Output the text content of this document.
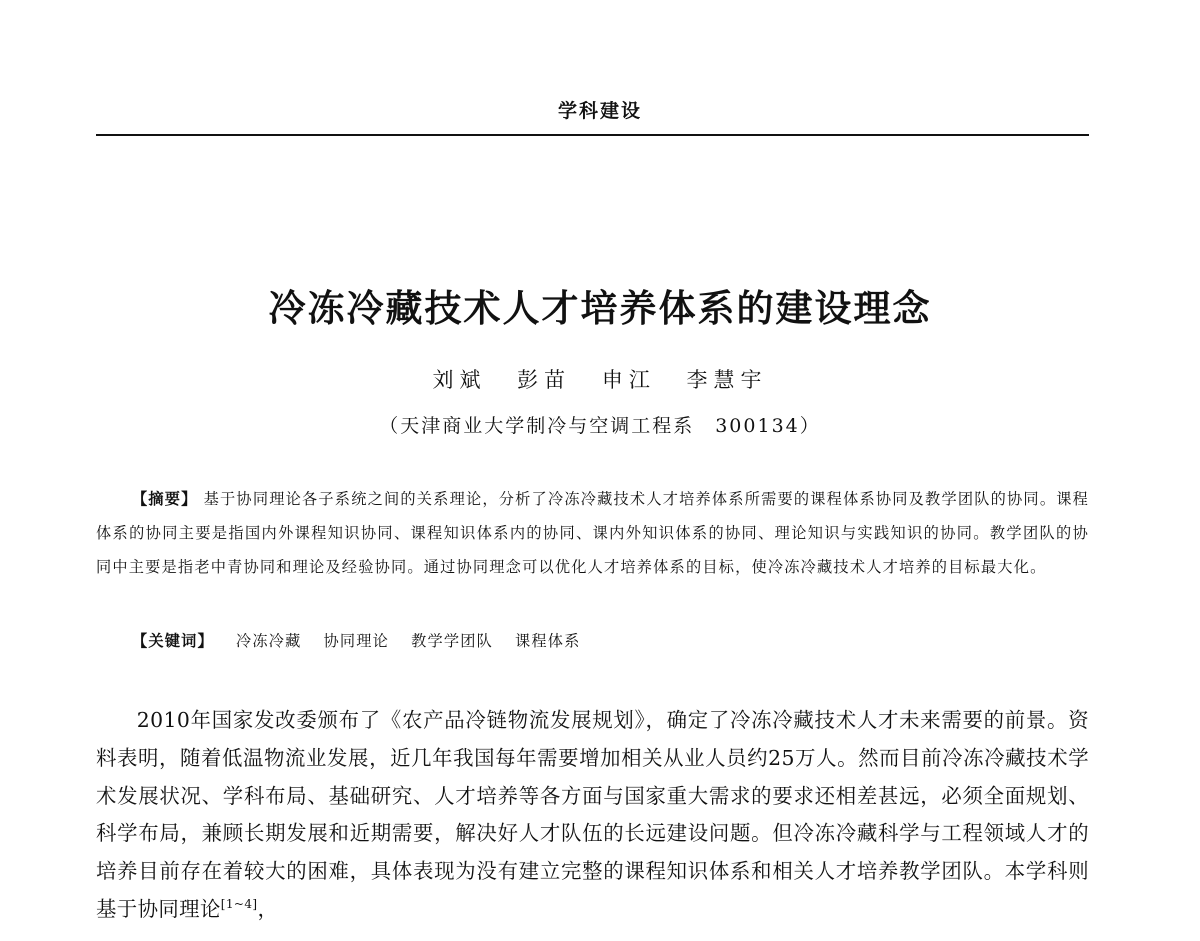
学科建设
冷冻冷藏技术人才培养体系的建设理念
刘斌 彭苗 申江 李慧宇
（天津商业大学制冷与空调工程系　300134）

【摘要】 基于协同理论各子系统之间的关系理论，分析了冷冻冷藏技术人才培养体系所需要的课程体系协同及教学团队的协同。课程体系的协同主要是指国内外课程知识协同、课程知识体系内的协同、课内外知识体系的协同、理论知识与实践知识的协同。教学团队的协同中主要是指老中青协同和理论及经验协同。通过协同理念可以优化人才培养体系的目标，使冷冻冷藏技术人才培养的目标最大化。

【关键词】 冷冻冷藏 协同理论 教学学团队 课程体系

2010年国家发改委颁布了《农产品冷链物流发展规划》，确定了冷冻冷藏技术人才未来需要的前景。资料表明，随着低温物流业发展，近几年我国每年需要增加相关从业人员约25万人。然而目前冷冻冷藏技术学术发展状况、学科布局、基础研究、人才培养等各方面与国家重大需求的要求还相差甚远，必须全面规划、科学布局，兼顾长期发展和近期需要，解决好人才队伍的长远建设问题。但冷冻冷藏科学与工程领域人才的培养目前存在着较大的困难，具体表现为没有建立完整的课程知识体系和相关人才培养教学团队。本学科则基于协同理论[1~4]，
